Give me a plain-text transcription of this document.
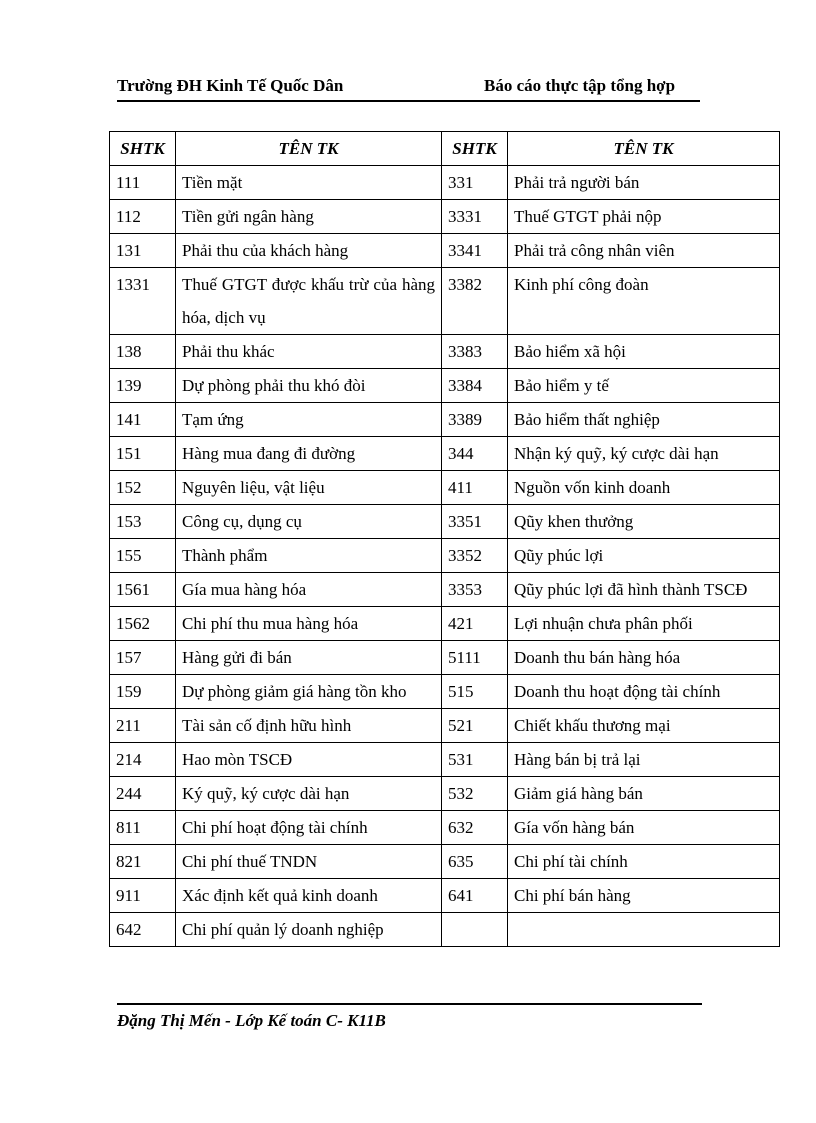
Trường ĐH Kinh Tế Quốc Dân	Báo cáo thực tập tổng hợp
SHTK	TÊN TK	SHTK	TÊN TK
111	Tiền mặt	331	Phải trả người bán
112	Tiền gửi ngân hàng	3331	Thuế GTGT phải nộp
131	Phải thu của khách hàng	3341	Phải trả công nhân viên
1331	Thuế GTGT được khấu trừ của hàng hóa, dịch vụ	3382	Kinh phí công đoàn
138	Phải thu khác	3383	Bảo hiểm xã hội
139	Dự phòng phải thu khó đòi	3384	Bảo hiểm y tế
141	Tạm ứng	3389	Bảo hiểm thất nghiệp
151	Hàng mua đang đi đường	344	Nhận ký quỹ, ký cược dài hạn
152	Nguyên liệu, vật liệu	411	Nguồn vốn kinh doanh
153	Công cụ, dụng cụ	3351	Qũy khen thưởng
155	Thành phẩm	3352	Qũy phúc lợi
1561	Gía mua hàng hóa	3353	Qũy phúc lợi đã hình thành TSCĐ
1562	Chi phí thu mua hàng hóa	421	Lợi nhuận chưa phân phối
157	Hàng gửi đi bán	5111	Doanh thu bán hàng hóa
159	Dự phòng giảm giá hàng tồn kho	515	Doanh thu hoạt động tài chính
211	Tài sản cố định hữu hình	521	Chiết khấu thương mại
214	Hao mòn TSCĐ	531	Hàng bán bị trả lại
244	Ký quỹ, ký cược dài hạn	532	Giảm giá hàng bán
811	Chi phí hoạt động tài chính	632	Gía vốn hàng bán
821	Chi phí thuế TNDN	635	Chi phí tài chính
911	Xác định kết quả kinh doanh	641	Chi phí bán hàng
642	Chi phí quản lý doanh nghiệp		
Đặng Thị Mến - Lớp Kế toán C- K11B
